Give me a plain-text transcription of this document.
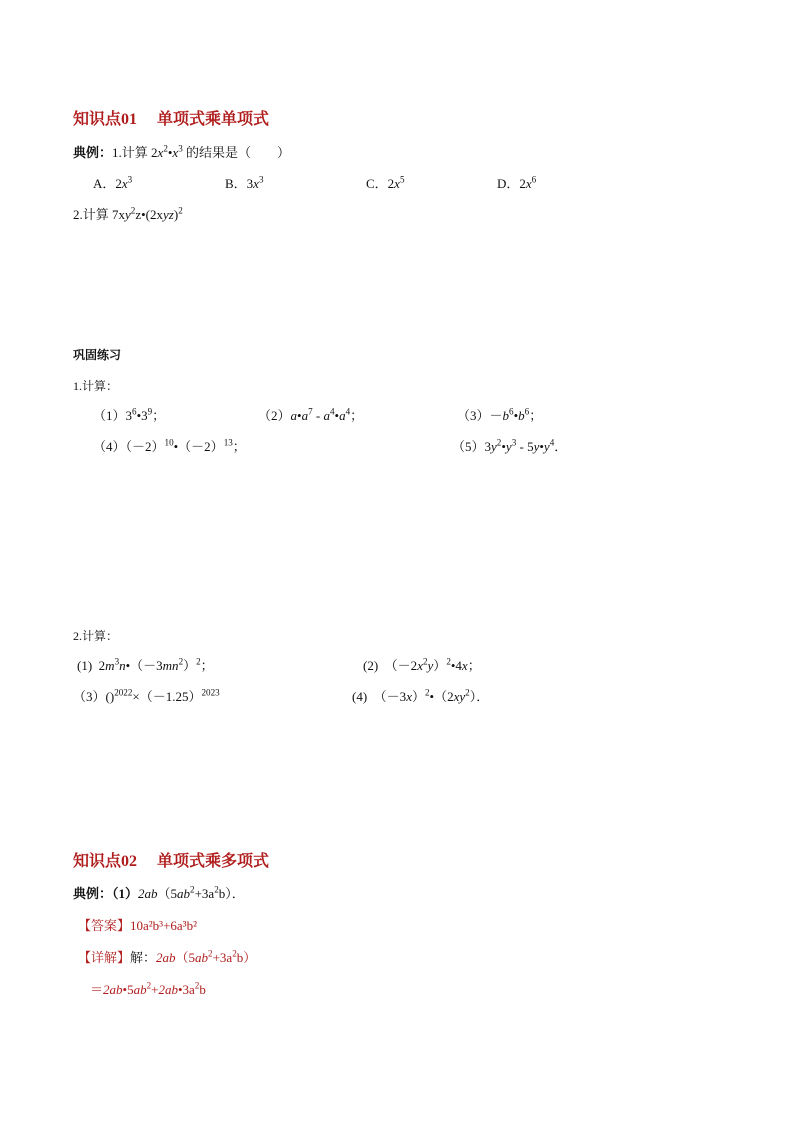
知识点01 单项式乘单项式
典例：1.计算 $2x^2•x^3$ 的结果是（　　）
A．$2x^3$	B．$3x^3$	C．$2x^5$	D．$2x^6$
2.计算 $7xy^2z•(2xyz)^2$
巩固练习
1.计算：
$(1)3^6•3^9$；	$(2)a•a^7$ - $a^4•a^4$；	$(3)-b^6•b^6$；
$(4)(-2)^{10}•(-2)^{13}$；	$(5)3y^2•y^3$ - $5y•y^4$．
2.计算：
(1)  $2m^3n•(-3mn^2)^2$；	(2)  $(-2x^2y)^2•4x$；
$(3)()^{2022}\times(-1.25)^{2023}$	(4)  $(-3x)^2•(2xy^2)$．
知识点02 单项式乘多项式
典例：$(1)2ab(5ab^2+3a^2b)$．
【答案】10a²b³+6a³b²
【详解】解：$2ab(5ab^2+3a^2b)$
$=2ab•5ab^2+2ab•3a^2b$
